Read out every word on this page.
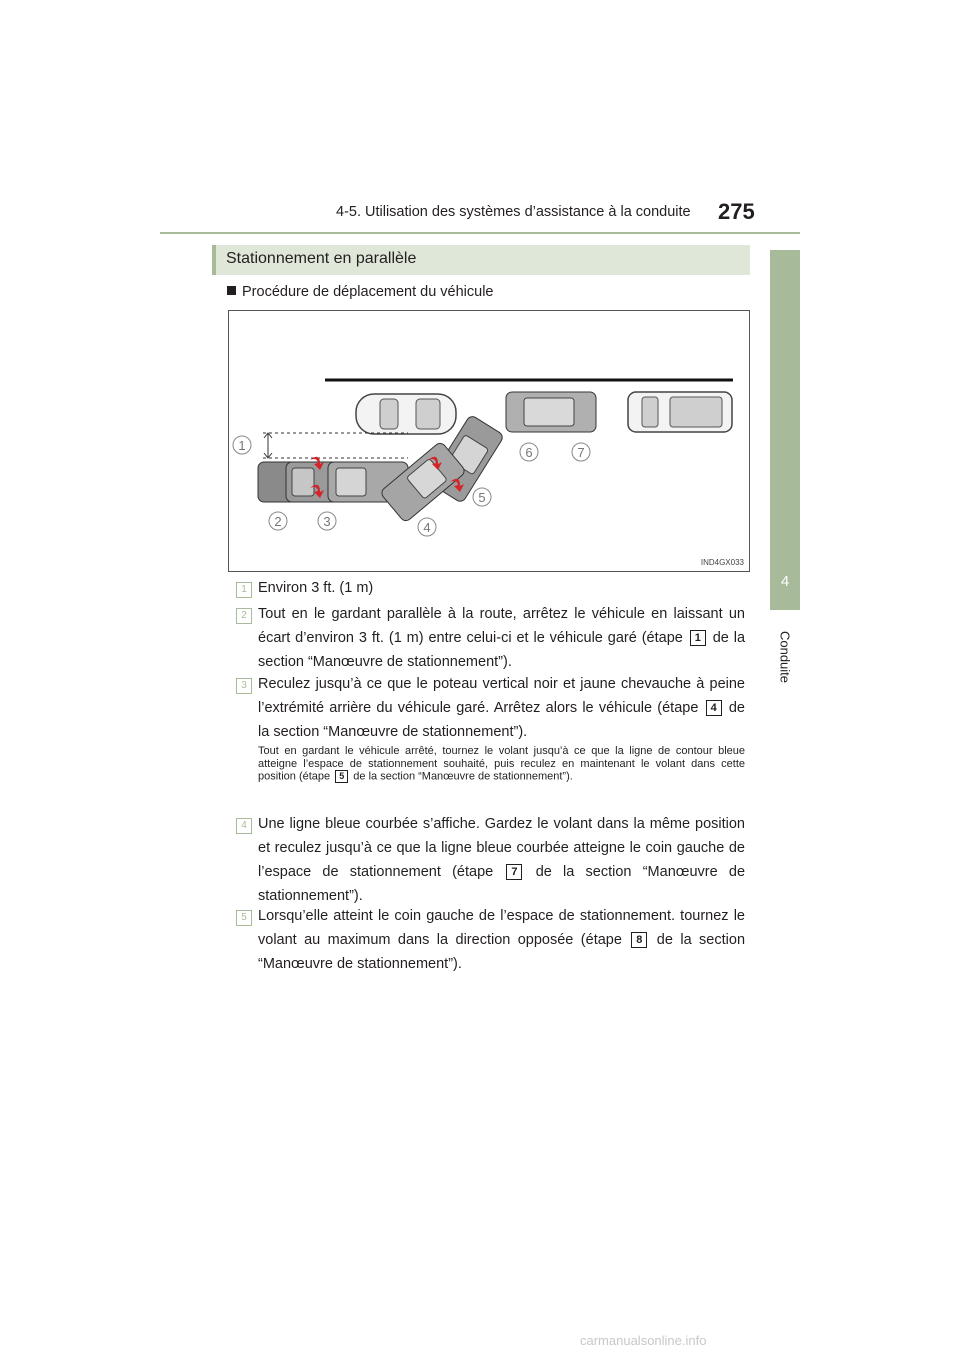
4-5. Utilisation des systèmes d’assistance à la conduite 275
4
Conduite
Stationnement en parallèle
Procédure de déplacement du véhicule
1
2	3	4
5
6	7
IND4GX033
1 Environ 3 ft. (1 m)
2 Tout en le gardant parallèle à la route, arrêtez le véhicule en laissant un écart d’environ 3 ft. (1 m) entre celui-ci et le véhicule garé (étape 1 de la section “Manœuvre de stationnement”).
3 Reculez jusqu’à ce que le poteau vertical noir et jaune chevauche à peine l’extrémité arrière du véhicule garé. Arrêtez alors le véhicule (étape 4 de la section “Manœuvre de stationnement”).
Tout en gardant le véhicule arrêté, tournez le volant jusqu’à ce que la ligne de contour bleue atteigne l’espace de stationnement souhaité, puis reculez en maintenant le volant dans cette position (étape 5 de la section “Manœuvre de stationnement”).
4 Une ligne bleue courbée s’affiche. Gardez le volant dans la même position et reculez jusqu’à ce que la ligne bleue courbée atteigne le coin gauche de l’espace de stationnement (étape 7 de la section “Manœuvre de stationnement”).
5 Lorsqu’elle atteint le coin gauche de l’espace de stationnement. tournez le volant au maximum dans la direction opposée (étape 8 de la section “Manœuvre de stationnement”).
carmanualsonline.info
